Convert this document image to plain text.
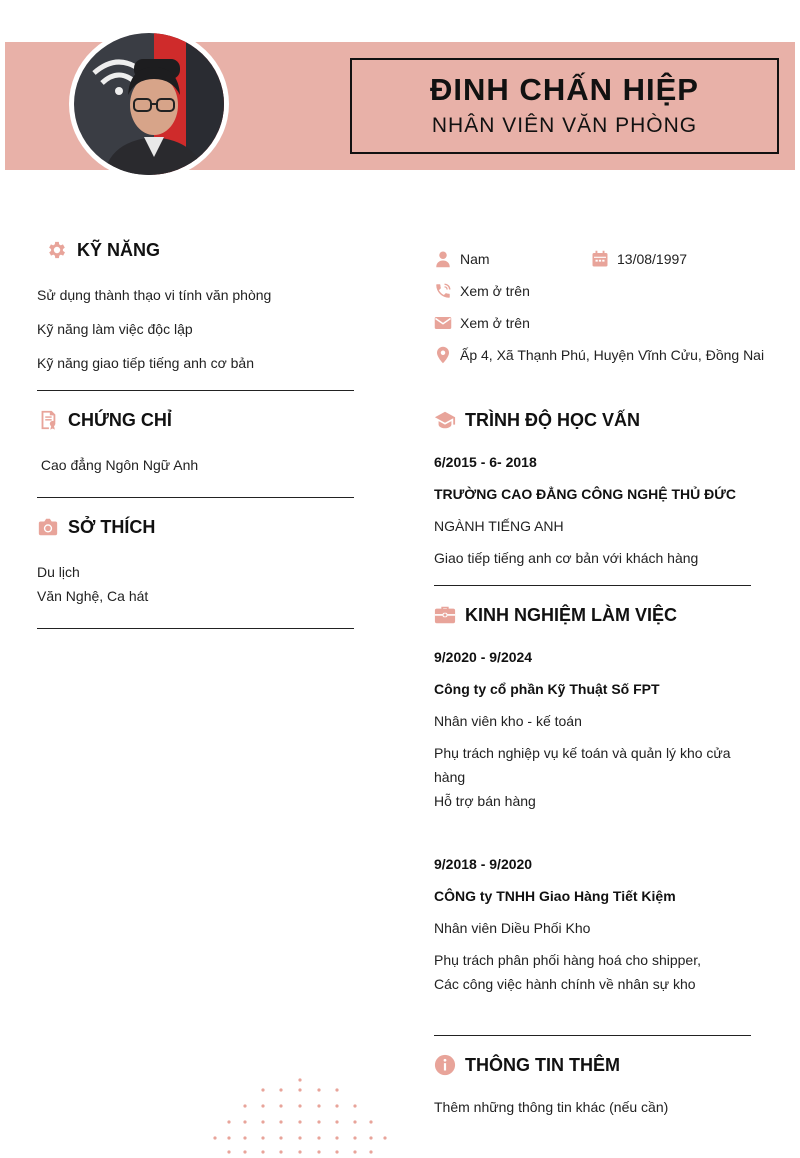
ĐINH CHẤN HIỆP
NHÂN VIÊN VĂN PHÒNG
KỸ NĂNG
Sử dụng thành thạo vi tính văn phòng
Kỹ năng làm việc độc lập
Kỹ năng giao tiếp tiếng anh cơ bản
CHỨNG CHỈ
Cao đẳng Ngôn Ngữ Anh
SỞ THÍCH
Du lịch
Văn Nghệ, Ca hát
Nam	13/08/1997
Xem ở trên
Xem ở trên
Ấp 4, Xã Thạnh Phú, Huyện Vĩnh Cửu, Đồng Nai
TRÌNH ĐỘ HỌC VẤN
6/2015 - 6- 2018
TRƯỜNG CAO ĐẲNG CÔNG NGHỆ THỦ ĐỨC
NGÀNH TIẾNG ANH
Giao tiếp tiếng anh cơ bản với khách hàng
KINH NGHIỆM LÀM VIỆC
9/2020 - 9/2024
Công ty cổ phần Kỹ Thuật Số FPT
Nhân viên kho - kế toán
Phụ trách nghiệp vụ kế toán và quản lý kho cửa
hàng
Hỗ trợ bán hàng
9/2018 - 9/2020
CÔNG ty TNHH Giao Hàng Tiết Kiệm
Nhân viên Diều Phối Kho
Phụ trách phân phối hàng hoá cho shipper,
Các công việc hành chính về nhân sự kho
THÔNG TIN THÊM
Thêm những thông tin khác (nếu cần)
